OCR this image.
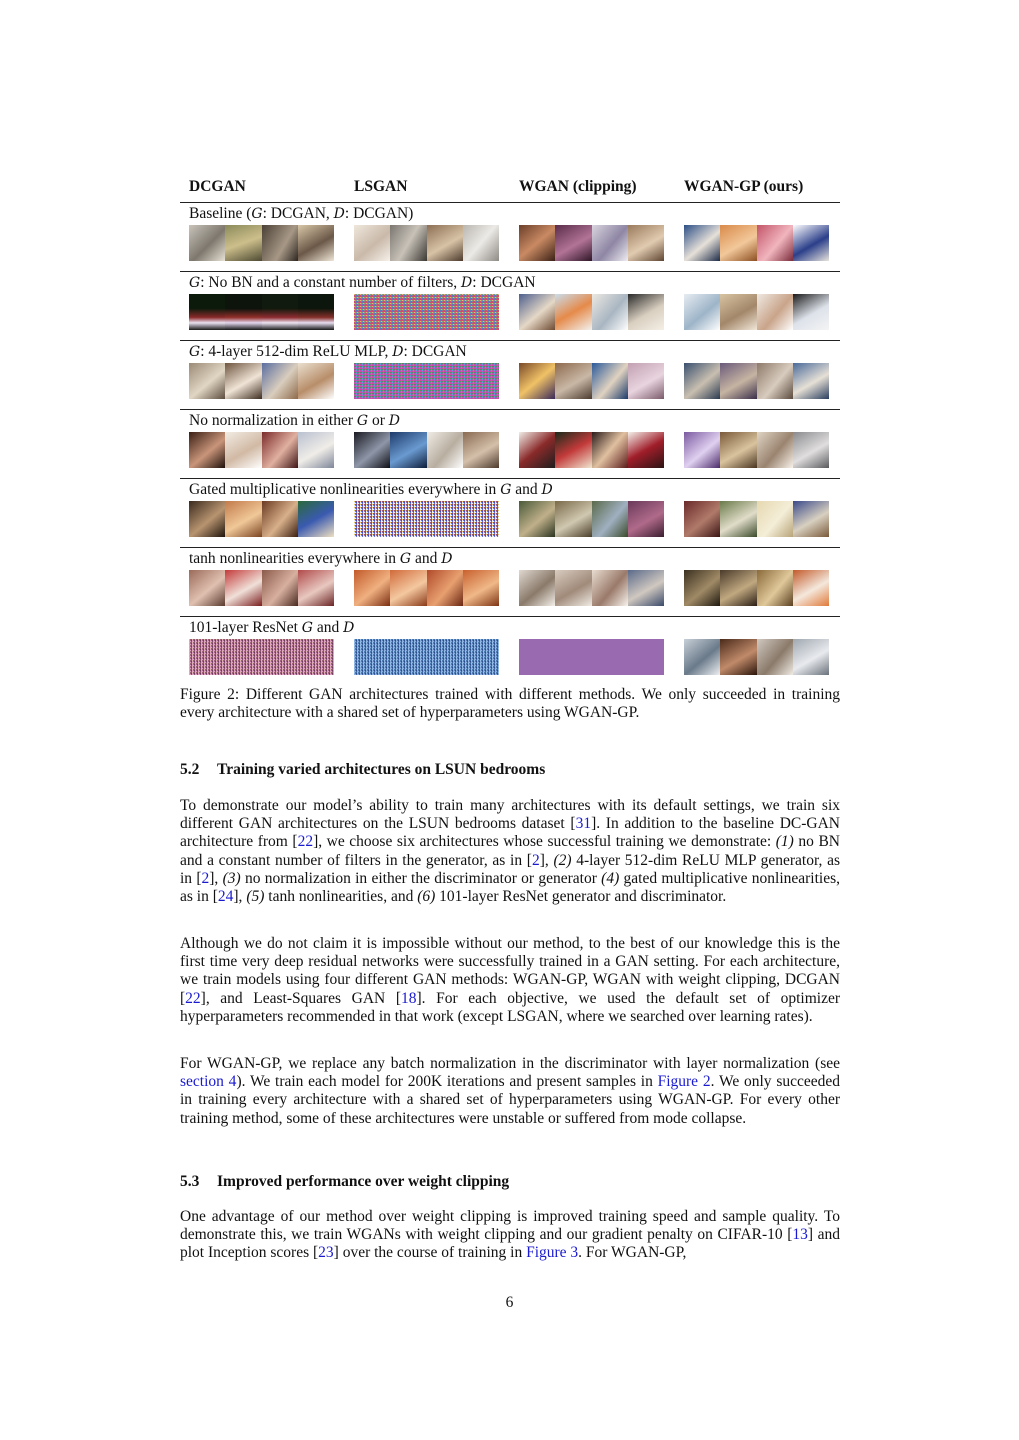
DCGAN	LSGAN	WGAN (clipping)	WGAN-GP (ours)
Baseline (G: DCGAN, D: DCGAN)
G: No BN and a constant number of filters, D: DCGAN
G: 4-layer 512-dim ReLU MLP, D: DCGAN
No normalization in either G or D
Gated multiplicative nonlinearities everywhere in G and D
tanh nonlinearities everywhere in G and D
101-layer ResNet G and D
Figure 2: Different GAN architectures trained with different methods. We only succeeded in training every architecture with a shared set of hyperparameters using WGAN-GP.
5.2 Training varied architectures on LSUN bedrooms

To demonstrate our model’s ability to train many architectures with its default settings, we train six different GAN architectures on the LSUN bedrooms dataset [31]. In addition to the baseline DC-GAN architecture from [22], we choose six architectures whose successful training we demonstrate: (1) no BN and a constant number of filters in the generator, as in [2], (2) 4-layer 512-dim ReLU MLP generator, as in [2], (3) no normalization in either the discriminator or generator (4) gated multiplicative nonlinearities, as in [24], (5) tanh nonlinearities, and (6) 101-layer ResNet generator and discriminator.

Although we do not claim it is impossible without our method, to the best of our knowledge this is the first time very deep residual networks were successfully trained in a GAN setting. For each architecture, we train models using four different GAN methods: WGAN-GP, WGAN with weight clipping, DCGAN [22], and Least-Squares GAN [18]. For each objective, we used the default set of optimizer hyperparameters recommended in that work (except LSGAN, where we searched over learning rates).

For WGAN-GP, we replace any batch normalization in the discriminator with layer normalization (see section 4). We train each model for 200K iterations and present samples in Figure 2. We only succeeded in training every architecture with a shared set of hyperparameters using WGAN-GP. For every other training method, some of these architectures were unstable or suffered from mode collapse.

5.3 Improved performance over weight clipping

One advantage of our method over weight clipping is improved training speed and sample quality. To demonstrate this, we train WGANs with weight clipping and our gradient penalty on CIFAR-10 [13] and plot Inception scores [23] over the course of training in Figure 3. For WGAN-GP,

6
